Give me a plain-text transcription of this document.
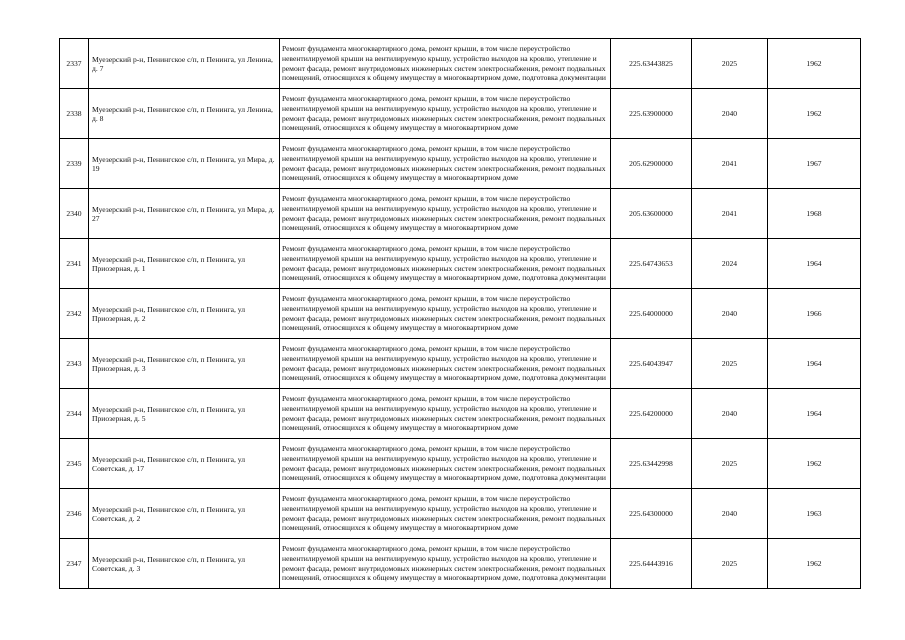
2337	Муезерский р-н, Пенингское с/п, п Пенинга, ул Ленина, д. 7	Ремонт фундамента многоквартирного дома, ремонт крыши, в том числе переустройство невентилируемой крыши на вентилируемую крышу, устройство выходов на кровлю, утепление и ремонт фасада, ремонт внутридомовых инженерных систем электроснабжения, ремонт подвальных помещений, относящихся к общему имуществу в многоквартирном доме, подготовка документации	225.63443825	2025	1962
2338	Муезерский р-н, Пенингское с/п, п Пенинга, ул Ленина, д. 8	Ремонт фундамента многоквартирного дома, ремонт крыши, в том числе переустройство невентилируемой крыши на вентилируемую крышу, устройство выходов на кровлю, утепление и ремонт фасада, ремонт внутридомовых инженерных систем электроснабжения, ремонт подвальных помещений, относящихся к общему имуществу в многоквартирном доме	225.63900000	2040	1962
2339	Муезерский р-н, Пенингское с/п, п Пенинга, ул Мира, д. 19	Ремонт фундамента многоквартирного дома, ремонт крыши, в том числе переустройство невентилируемой крыши на вентилируемую крышу, устройство выходов на кровлю, утепление и ремонт фасада, ремонт внутридомовых инженерных систем электроснабжения, ремонт подвальных помещений, относящихся к общему имуществу в многоквартирном доме	205.62900000	2041	1967
2340	Муезерский р-н, Пенингское с/п, п Пенинга, ул Мира, д. 27	Ремонт фундамента многоквартирного дома, ремонт крыши, в том числе переустройство невентилируемой крыши на вентилируемую крышу, устройство выходов на кровлю, утепление и ремонт фасада, ремонт внутридомовых инженерных систем электроснабжения, ремонт подвальных помещений, относящихся к общему имуществу в многоквартирном доме	205.63600000	2041	1968
2341	Муезерский р-н, Пенингское с/п, п Пенинга, ул Приозерная, д. 1	Ремонт фундамента многоквартирного дома, ремонт крыши, в том числе переустройство невентилируемой крыши на вентилируемую крышу, устройство выходов на кровлю, утепление и ремонт фасада, ремонт внутридомовых инженерных систем электроснабжения, ремонт подвальных помещений, относящихся к общему имуществу в многоквартирном доме, подготовка документации	225.64743653	2024	1964
2342	Муезерский р-н, Пенингское с/п, п Пенинга, ул Приозерная, д. 2	Ремонт фундамента многоквартирного дома, ремонт крыши, в том числе переустройство невентилируемой крыши на вентилируемую крышу, устройство выходов на кровлю, утепление и ремонт фасада, ремонт внутридомовых инженерных систем электроснабжения, ремонт подвальных помещений, относящихся к общему имуществу в многоквартирном доме	225.64000000	2040	1966
2343	Муезерский р-н, Пенингское с/п, п Пенинга, ул Приозерная, д. 3	Ремонт фундамента многоквартирного дома, ремонт крыши, в том числе переустройство невентилируемой крыши на вентилируемую крышу, устройство выходов на кровлю, утепление и ремонт фасада, ремонт внутридомовых инженерных систем электроснабжения, ремонт подвальных помещений, относящихся к общему имуществу в многоквартирном доме, подготовка документации	225.64043947	2025	1964
2344	Муезерский р-н, Пенингское с/п, п Пенинга, ул Приозерная, д. 5	Ремонт фундамента многоквартирного дома, ремонт крыши, в том числе переустройство невентилируемой крыши на вентилируемую крышу, устройство выходов на кровлю, утепление и ремонт фасада, ремонт внутридомовых инженерных систем электроснабжения, ремонт подвальных помещений, относящихся к общему имуществу в многоквартирном доме	225.64200000	2040	1964
2345	Муезерский р-н, Пенингское с/п, п Пенинга, ул Советская, д. 17	Ремонт фундамента многоквартирного дома, ремонт крыши, в том числе переустройство невентилируемой крыши на вентилируемую крышу, устройство выходов на кровлю, утепление и ремонт фасада, ремонт внутридомовых инженерных систем электроснабжения, ремонт подвальных помещений, относящихся к общему имуществу в многоквартирном доме, подготовка документации	225.63442998	2025	1962
2346	Муезерский р-н, Пенингское с/п, п Пенинга, ул Советская, д. 2	Ремонт фундамента многоквартирного дома, ремонт крыши, в том числе переустройство невентилируемой крыши на вентилируемую крышу, устройство выходов на кровлю, утепление и ремонт фасада, ремонт внутридомовых инженерных систем электроснабжения, ремонт подвальных помещений, относящихся к общему имуществу в многоквартирном доме	225.64300000	2040	1963
2347	Муезерский р-н, Пенингское с/п, п Пенинга, ул Советская, д. 3	Ремонт фундамента многоквартирного дома, ремонт крыши, в том числе переустройство невентилируемой крыши на вентилируемую крышу, устройство выходов на кровлю, утепление и ремонт фасада, ремонт внутридомовых инженерных систем электроснабжения, ремонт подвальных помещений, относящихся к общему имуществу в многоквартирном доме, подготовка документации	225.64443916	2025	1962
